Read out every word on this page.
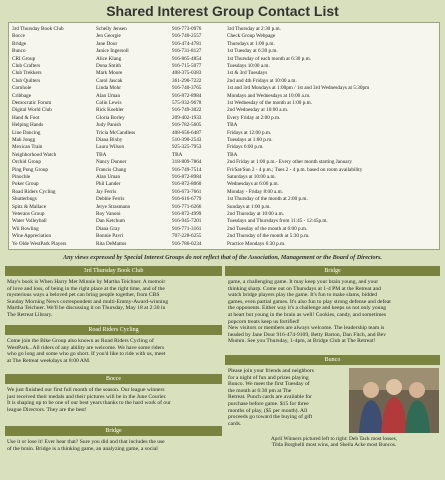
Shared Interest Group Contact List
3rd Thursday Book Club	Schelly Jensen	916-773-0976	3rd Thursday at 2:30 p.m.
Bocce	Jen Georgie	916-740-2557	Check Group Webpage
Bridge	Jane Dour	916-474-4781	Thursdays at 1:00 p.m.
Bunco	Janice Ingersoll	916-731-8127	1st Tuesday at 6:30 p.m.
CRI Group	Alice Klang	916-865-4854	1st Thursday of each month at 6:30 p.m.
Club Crafters	Dona Smith	916-715-5077	Tuesdays 10:00 a.m.
Club Trekkers	Mark Moore	408-375-0383	1st & 3rd Tuesdays
Club Quilters	Carol Jascak	361-290-7222	2nd and 4th Fridays at 10:00 a.m.
Cornhole	Linda Mohr	916-740-3765	1st and 3rd Mondays at 1:00pm / 1st and 3rd Wednesdays at 5:30pm
Cribbage	Alan Uman	916-872-8984	Mondays and Wednesdays at 10:00 a.m.
Democratic Forum	Colin Lewis	575-932-9678	1st Wednesday of the month at 1:00 p.m.
Digital World Club	Rick Koehler	916-749-3022	2nd Wednesday at 10:00 a.m.
Hand & Foot	Gloria Borley	209-402-1933	Every Friday at 2:00 p.m.
Helping Hands	Judy Panish	916-782-5605	TBA
Line Dancing	Tricia McCandless	408-656-6487	Fridays at 12:00 p.m.
Mah Jongg	Diana Bixby	510-390-2543	Tuesdays at 1:00 p.m.
Mexican Train	Laura Wilson	925-325-7953	Fridays 6:00 p.m.
Neighborhood Watch	TBA	TBA	TBA
Orchid Group	Nancy Donner	318-809-7864	2nd Friday at 1:00 p.m.- Every other month starting January
Ping Pong Group	Francis Chang	916-749-7514	Fri/Sat/Sun 2 - 4 p.m.; Tues 2 - 4 p.m. based on room availability
Pinochle	Alan Uman	916-872-8984	Saturdays at 10:00 a.m.
Poker Group	Phil Lander	916-872-8060	Wednesdays at 6:00 p.m.
Road Riders Cycling	Jay Ferris	916-673-7661	Monday - Friday 8:00 a.m.
Shutterbugs	Debbie Ferris	916-616-6779	1st Thursday of the month at 2:00 p.m.
Spitz & Mallace	Jerye Strasmann	916-771-6266	Sundays at 1:00 p.m.
Veterans Group	Roy Vanoni	916-872-4999	2nd Thursday at 10:00 a.m.
Water Volleyball	Dan Ketchum	916-945-7201	Tuesdays and Thursdays from 11:45 - 12:45p.m.
Wii Bowling	Diana Gray	916-771-3161	2nd Tuesday of the month at 6:00 p.m.
Wine Appreciation	Bonnie Pavri	707-228-6255	2nd Thursday of the month at 5:30 p.m.
Ye Olde WestPark Players	Rita DeMattos	916-786-0234	Practice Mondays 6:30 p.m.
Any views expressed by Special Interest Groups do not reflect that of the Association, Management or the Board of Directors.
3rd Thursday Book Club
May's book is When Harry Met Minnie by Martha Teichner. A memoir
of love and loss, of being in the right place at the right time, and of the
mysterious ways a beloved pet can bring people together, from CBS
Sunday Morning News correspondent and multi-Emmy-Award-winning
Martha Teichner. We'll be discussing it on Thursday, May 18 at 2:30 in
The Retreat Library.
Road Riders Cycling
Come join the Bike Group also known as Road Riders Cycling of
WestPark...All riders of any ability are welcome. We have some riders
who go long and some who go short. If you'd like to ride with us, meet
at The Retreat weekdays at 8:00 AM.
Bocce
We just finished our first full month of the season. Our league winners
just received their medals and their pictures will be in the June Courier.
It is shaping up to be one of our best years thanks to the hard work of our
league Directors. They are the best!
Bridge
Use it or lose it! Ever hear that? Sure you did and that includes the use
of the brain. Bridge is a thinking game, an analyzing game, a social
Bridge
game, a challenging game. It may keep your brain young, and your
thinking sharp. Come out on Thursdays at 1-4 PM at the Retreat and
watch bridge players play the game. It's fun to make slams, bidded
games, even partial games. It's also fun to play strong defense and defeat
the opponents. Either way it's a challenge and keeps us not only young
at heart but young in the brain as well! Cookies, candy, and sometimes
popcorn treats keep us fortified!
New visitors or members are always welcome. The leadership team is
headed by Jane Dour 916-474-9109, Betty Barton, Dan Fitch, and Bev
Mumm. See you Thursday, 1-4pm, at Bridge Club at The Retreat!
Bunco
Please join your friends and neighbors
for a night of fun and prizes playing
Bunco. We meet the first Tuesday of
the month at 6:30 pm at The
Retreat. Punch cards are available for
purchase before game. $15 for three
months of play, ($5 per month). All
proceeds go toward the buying of gift
cards.
April Winners pictured left to right: Deb Tack most losses,
Tilda Borghelli most wins, and Sheila Acke most Buncos.
